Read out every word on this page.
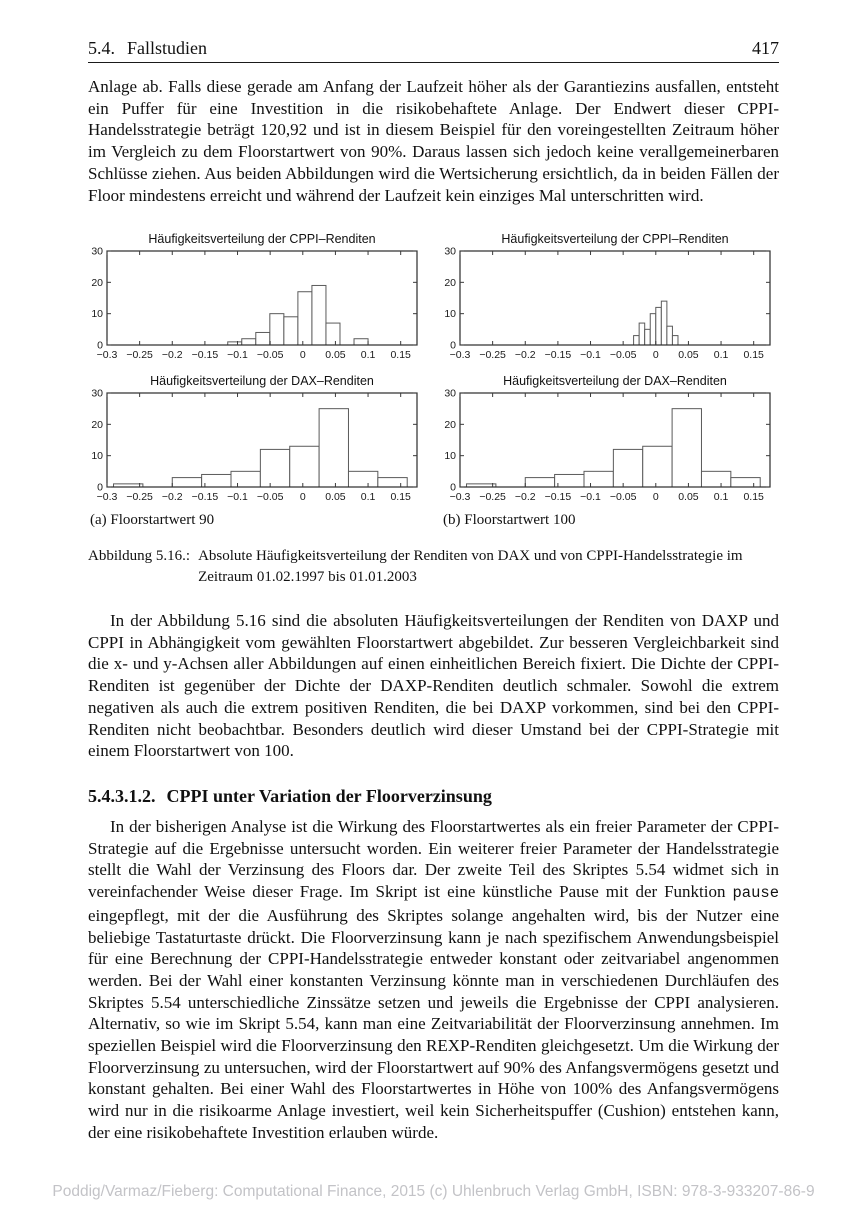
5.4. Fallstudien	417

Anlage ab. Falls diese gerade am Anfang der Laufzeit höher als der Garantiezins ausfallen, entsteht ein Puffer für eine Investition in die risikobehaftete Anlage. Der Endwert dieser CPPI-Handelsstrategie beträgt 120,92 und ist in diesem Beispiel für den voreingestellten Zeitraum höher im Vergleich zu dem Floorstartwert von 90%. Daraus lassen sich jedoch keine verallgemeinerbaren Schlüsse ziehen. Aus beiden Abbildungen wird die Wertsicherung ersichtlich, da in beiden Fällen der Floor mindestens erreicht und während der Laufzeit kein einziges Mal unterschritten wird.

Häufigkeitsverteilung der CPPI–Renditen
−0.3 −0.25 −0.2 −0.15 −0.1 −0.05 0 0.05 0.1 0.15
0
10
20
30
Häufigkeitsverteilung der DAX–Renditen
−0.3 −0.25 −0.2 −0.15 −0.1 −0.05 0 0.05 0.1 0.15
0
10
20
30
(a) Floorstartwert 90
Häufigkeitsverteilung der CPPI–Renditen
−0.3 −0.25 −0.2 −0.15 −0.1 −0.05 0 0.05 0.1 0.15
0
10
20
30
Häufigkeitsverteilung der DAX–Renditen
−0.3 −0.25 −0.2 −0.15 −0.1 −0.05 0 0.05 0.1 0.15
0
10
20
30
(b) Floorstartwert 100
Abbildung 5.16.: Absolute Häufigkeitsverteilung der Renditen von DAX und von CPPI-Handelsstrategie im Zeitraum 01.02.1997 bis 01.01.2003

In der Abbildung 5.16 sind die absoluten Häufigkeitsverteilungen der Renditen von DAXP und CPPI in Abhängigkeit vom gewählten Floorstartwert abgebildet. Zur besseren Vergleichbarkeit sind die x- und y-Achsen aller Abbildungen auf einen einheitlichen Bereich fixiert. Die Dichte der CPPI-Renditen ist gegenüber der Dichte der DAXP-Renditen deutlich schmaler. Sowohl die extrem negativen als auch die extrem positiven Renditen, die bei DAXP vorkommen, sind bei den CPPI-Renditen nicht beobachtbar. Besonders deutlich wird dieser Umstand bei der CPPI-Strategie mit einem Floorstartwert von 100.

5.4.3.1.2. CPPI unter Variation der Floorverzinsung

In der bisherigen Analyse ist die Wirkung des Floorstartwertes als ein freier Parameter der CPPI-Strategie auf die Ergebnisse untersucht worden. Ein weiterer freier Parameter der Handelsstrategie stellt die Wahl der Verzinsung des Floors dar. Der zweite Teil des Skriptes 5.54 widmet sich in vereinfachender Weise dieser Frage. Im Skript ist eine künstliche Pause mit der Funktion pause eingepflegt, mit der die Ausführung des Skriptes solange angehalten wird, bis der Nutzer eine beliebige Tastaturtaste drückt. Die Floorverzinsung kann je nach spezifischem Anwendungsbeispiel für eine Berechnung der CPPI-Handelsstrategie entweder konstant oder zeitvariabel angenommen werden. Bei der Wahl einer konstanten Verzinsung könnte man in verschiedenen Durchläufen des Skriptes 5.54 unterschiedliche Zinssätze setzen und jeweils die Ergebnisse der CPPI analysieren. Alternativ, so wie im Skript 5.54, kann man eine Zeitvariabilität der Floorverzinsung annehmen. Im speziellen Beispiel wird die Floorverzinsung den REXP-Renditen gleichgesetzt. Um die Wirkung der Floorverzinsung zu untersuchen, wird der Floorstartwert auf 90% des Anfangsvermögens gesetzt und konstant gehalten. Bei einer Wahl des Floorstartwertes in Höhe von 100% des Anfangsvermögens wird nur in die risikoarme Anlage investiert, weil kein Sicherheitspuffer (Cushion) entstehen kann, der eine risikobehaftete Investition erlauben würde.

Poddig/Varmaz/Fieberg: Computational Finance, 2015 (c) Uhlenbruch Verlag GmbH, ISBN: 978-3-933207-86-9
